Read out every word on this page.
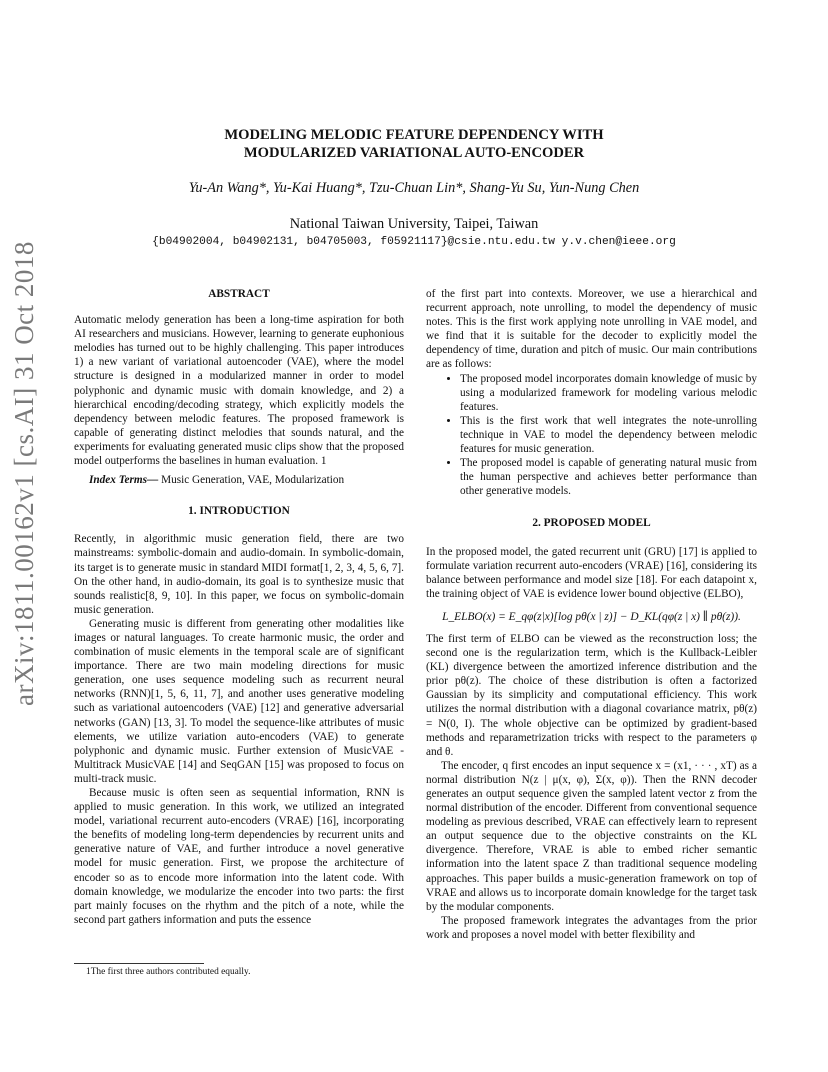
arXiv:1811.00162v1 [cs.AI] 31 Oct 2018
MODELING MELODIC FEATURE DEPENDENCY WITH
MODULARIZED VARIATIONAL AUTO-ENCODER
Yu-An Wang*, Yu-Kai Huang*, Tzu-Chuan Lin*, Shang-Yu Su, Yun-Nung Chen
National Taiwan University, Taipei, Taiwan
{b04902004, b04902131, b04705003, f05921117}@csie.ntu.edu.tw y.v.chen@ieee.org
ABSTRACT

Automatic melody generation has been a long-time aspiration for both AI researchers and musicians. However, learning to generate euphonious melodies has turned out to be highly challenging. This paper introduces 1) a new variant of variational autoencoder (VAE), where the model structure is designed in a modularized manner in order to model polyphonic and dynamic music with domain knowledge, and 2) a hierarchical encoding/decoding strategy, which explicitly models the dependency between melodic features. The proposed framework is capable of generating distinct melodies that sounds natural, and the experiments for evaluating generated music clips show that the proposed model outperforms the baselines in human evaluation. 1

Index Terms— Music Generation, VAE, Modularization

1. INTRODUCTION

Recently, in algorithmic music generation field, there are two mainstreams: symbolic-domain and audio-domain. In symbolic-domain, its target is to generate music in standard MIDI format[1, 2, 3, 4, 5, 6, 7]. On the other hand, in audio-domain, its goal is to synthesize music that sounds realistic[8, 9, 10]. In this paper, we focus on symbolic-domain music generation.

Generating music is different from generating other modalities like images or natural languages. To create harmonic music, the order and combination of music elements in the temporal scale are of significant importance. There are two main modeling directions for music generation, one uses sequence modeling such as recurrent neural networks (RNN)[1, 5, 6, 11, 7], and another uses generative modeling such as variational autoencoders (VAE) [12] and generative adversarial networks (GAN) [13, 3]. To model the sequence-like attributes of music elements, we utilize variation auto-encoders (VAE) to generate polyphonic and dynamic music. Further extension of MusicVAE - Multitrack MusicVAE [14] and SeqGAN [15] was proposed to focus on multi-track music.

Because music is often seen as sequential information, RNN is applied to music generation. In this work, we utilized an integrated model, variational recurrent auto-encoders (VRAE) [16], incorporating the benefits of modeling long-term dependencies by recurrent units and generative nature of VAE, and further introduce a novel generative model for music generation. First, we propose the architecture of encoder so as to encode more information into the latent code. With domain knowledge, we modularize the encoder into two parts: the first part mainly focuses on the rhythm and the pitch of a note, while the second part gathers information and puts the essence

1The first three authors contributed equally.

of the first part into contexts. Moreover, we use a hierarchical and recurrent approach, note unrolling, to model the dependency of music notes. This is the first work applying note unrolling in VAE model, and we find that it is suitable for the decoder to explicitly model the dependency of time, duration and pitch of music. Our main contributions are as follows:

• The proposed model incorporates domain knowledge of music by using a modularized framework for modeling various melodic features.
• This is the first work that well integrates the note-unrolling technique in VAE to model the dependency between melodic features for music generation.
• The proposed model is capable of generating natural music from the human perspective and achieves better performance than other generative models.
2. PROPOSED MODEL

In the proposed model, the gated recurrent unit (GRU) [17] is applied to formulate variation recurrent auto-encoders (VRAE) [16], considering its balance between performance and model size [18]. For each datapoint x, the training object of VAE is evidence lower bound objective (ELBO),

L_ELBO(x) = E_qφ(z|x)[log pθ(x | z)] − D_KL(qφ(z | x) ∥ pθ(z)).

The first term of ELBO can be viewed as the reconstruction loss; the second one is the regularization term, which is the Kullback-Leibler (KL) divergence between the amortized inference distribution and the prior pθ(z). The choice of these distribution is often a factorized Gaussian by its simplicity and computational efficiency. This work utilizes the normal distribution with a diagonal covariance matrix, pθ(z) = N(0, I). The whole objective can be optimized by gradient-based methods and reparametrization tricks with respect to the parameters φ and θ.

The encoder, q first encodes an input sequence x = (x1, · · · , xT) as a normal distribution N(z | μ(x, φ), Σ(x, φ)). Then the RNN decoder generates an output sequence given the sampled latent vector z from the normal distribution of the encoder. Different from conventional sequence modeling as previous described, VRAE can effectively learn to represent an output sequence due to the objective constraints on the KL divergence. Therefore, VRAE is able to embed richer semantic information into the latent space Z than traditional sequence modeling approaches. This paper builds a music-generation framework on top of VRAE and allows us to incorporate domain knowledge for the target task by the modular components.

The proposed framework integrates the advantages from the prior work and proposes a novel model with better flexibility and
